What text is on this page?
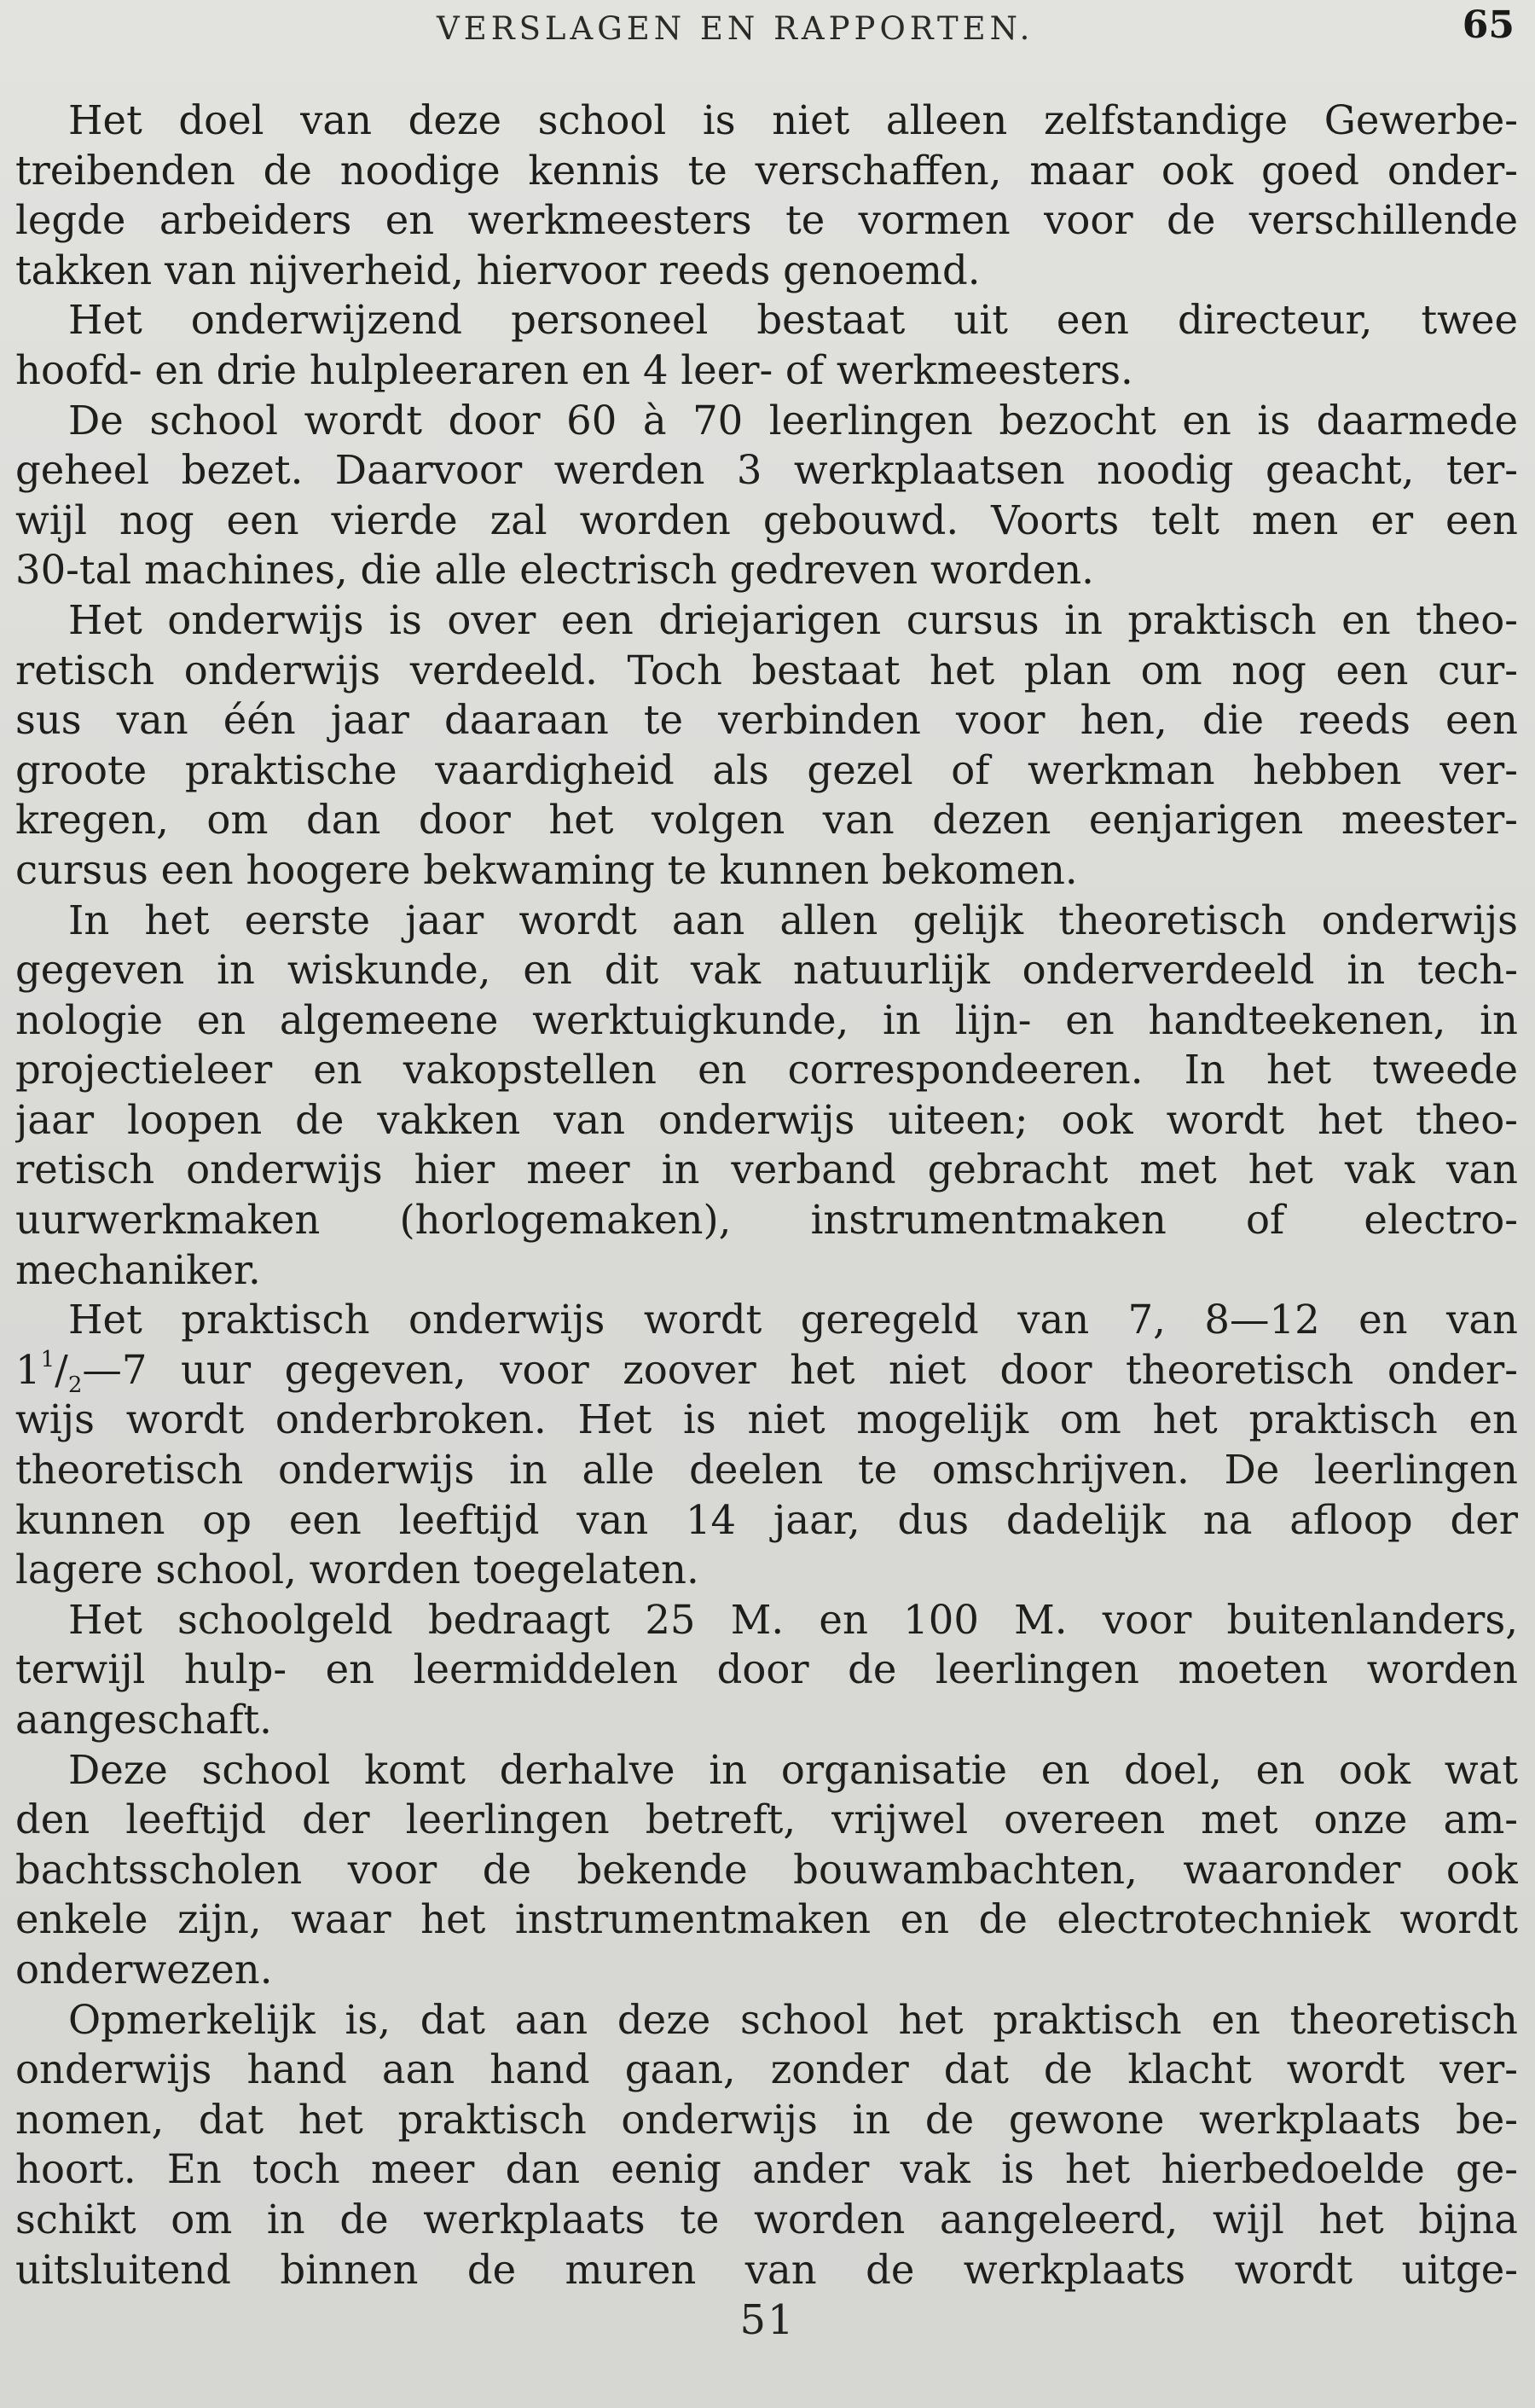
VERSLAGEN EN RAPPORTEN.	65
Het doel van deze school is niet alleen zelfstandige Gewerbe-
treibenden de noodige kennis te verschaffen, maar ook goed onder-
legde arbeiders en werkmeesters te vormen voor de verschillende
takken van nijverheid, hiervoor reeds genoemd.
Het onderwijzend personeel bestaat uit een directeur, twee
hoofd- en drie hulpleeraren en 4 leer- of werkmeesters.
De school wordt door 60 à 70 leerlingen bezocht en is daarmede
geheel bezet. Daarvoor werden 3 werkplaatsen noodig geacht, ter-
wijl nog een vierde zal worden gebouwd. Voorts telt men er een
30-tal machines, die alle electrisch gedreven worden.
Het onderwijs is over een driejarigen cursus in praktisch en theo-
retisch onderwijs verdeeld. Toch bestaat het plan om nog een cur-
sus van één jaar daaraan te verbinden voor hen, die reeds een
groote praktische vaardigheid als gezel of werkman hebben ver-
kregen, om dan door het volgen van dezen eenjarigen meester-
cursus een hoogere bekwaming te kunnen bekomen.
In het eerste jaar wordt aan allen gelijk theoretisch onderwijs
gegeven in wiskunde, en dit vak natuurlijk onderverdeeld in tech-
nologie en algemeene werktuigkunde, in lijn- en handteekenen, in
projectieleer en vakopstellen en correspondeeren. In het tweede
jaar loopen de vakken van onderwijs uiteen; ook wordt het theo-
retisch onderwijs hier meer in verband gebracht met het vak van
uurwerkmaken (horlogemaken), instrumentmaken of electro-
mechaniker.
Het praktisch onderwijs wordt geregeld van 7, 8—12 en van
$1^1/_2—7$ uur gegeven, voor zoover het niet door theoretisch onder-
wijs wordt onderbroken. Het is niet mogelijk om het praktisch en
theoretisch onderwijs in alle deelen te omschrijven. De leerlingen
kunnen op een leeftijd van 14 jaar, dus dadelijk na afloop der
lagere school, worden toegelaten.
Het schoolgeld bedraagt 25 M. en 100 M. voor buitenlanders,
terwijl hulp- en leermiddelen door de leerlingen moeten worden
aangeschaft.
Deze school komt derhalve in organisatie en doel, en ook wat
den leeftijd der leerlingen betreft, vrijwel overeen met onze am-
bachtsscholen voor de bekende bouwambachten, waaronder ook
enkele zijn, waar het instrumentmaken en de electrotechniek wordt
onderwezen.
Opmerkelijk is, dat aan deze school het praktisch en theoretisch
onderwijs hand aan hand gaan, zonder dat de klacht wordt ver-
nomen, dat het praktisch onderwijs in de gewone werkplaats be-
hoort. En toch meer dan eenig ander vak is het hierbedoelde ge-
schikt om in de werkplaats te worden aangeleerd, wijl het bijna
uitsluitend binnen de muren van de werkplaats wordt uitge-
51
